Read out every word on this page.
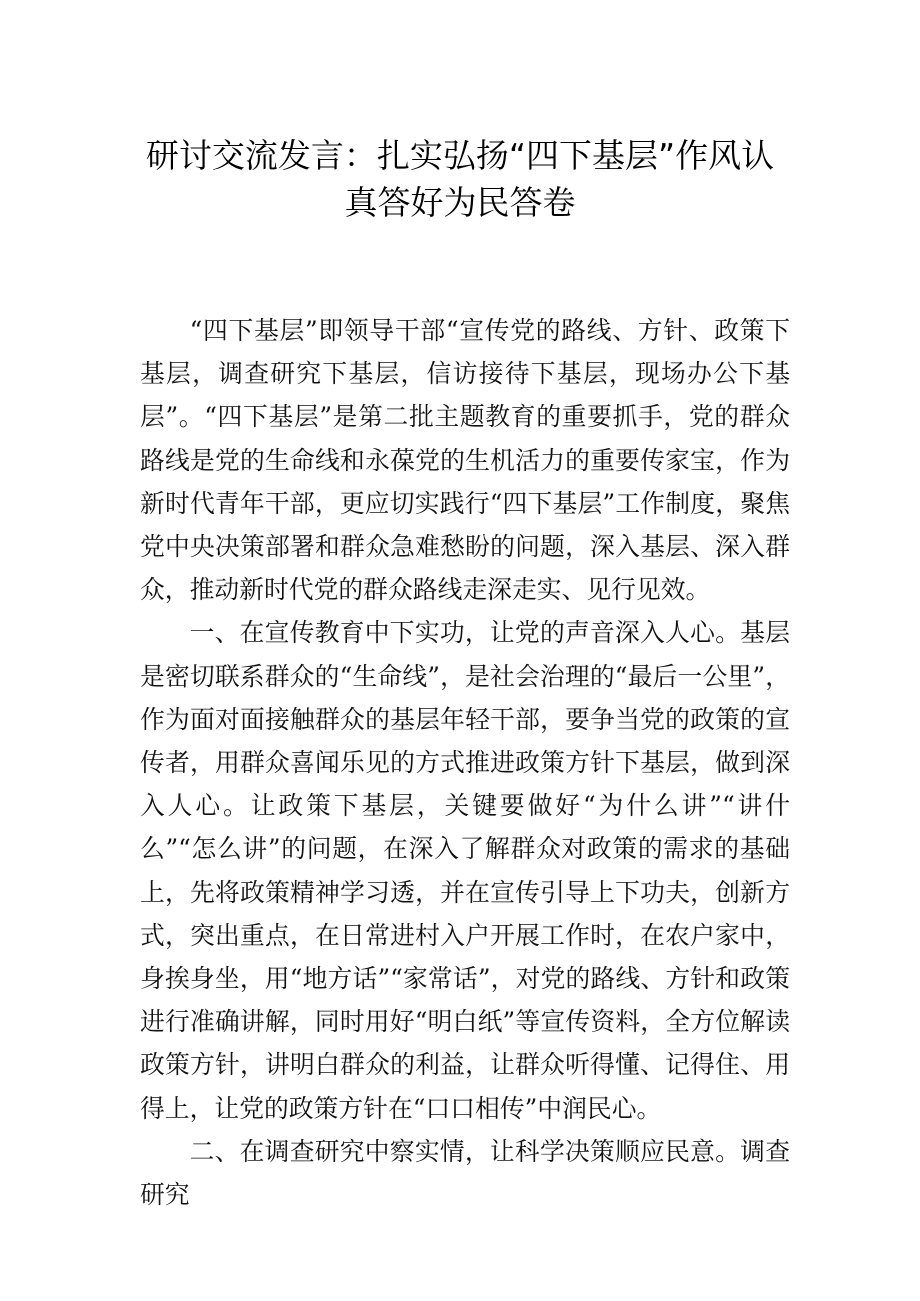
研讨交流发言：扎实弘扬“四下基层”作风认
真答好为民答卷

“四下基层”即领导干部“宣传党的路线、方针、政策下基层，调查研究下基层，信访接待下基层，现场办公下基层”。“四下基层”是第二批主题教育的重要抓手，党的群众路线是党的生命线和永葆党的生机活力的重要传家宝，作为新时代青年干部，更应切实践行“四下基层”工作制度，聚焦党中央决策部署和群众急难愁盼的问题，深入基层、深入群众，推动新时代党的群众路线走深走实、见行见效。

一、在宣传教育中下实功，让党的声音深入人心。基层是密切联系群众的“生命线”，是社会治理的“最后一公里”，作为面对面接触群众的基层年轻干部，要争当党的政策的宣传者，用群众喜闻乐见的方式推进政策方针下基层，做到深入人心。让政策下基层，关键要做好“为什么讲”“讲什么”“怎么讲”的问题，在深入了解群众对政策的需求的基础上，先将政策精神学习透，并在宣传引导上下功夫，创新方式，突出重点，在日常进村入户开展工作时，在农户家中，身挨身坐，用“地方话”“家常话”，对党的路线、方针和政策进行准确讲解，同时用好“明白纸”等宣传资料，全方位解读政策方针，讲明白群众的利益，让群众听得懂、记得住、用得上，让党的政策方针在“口口相传”中润民心。

二、在调查研究中察实情，让科学决策顺应民意。调查研究
